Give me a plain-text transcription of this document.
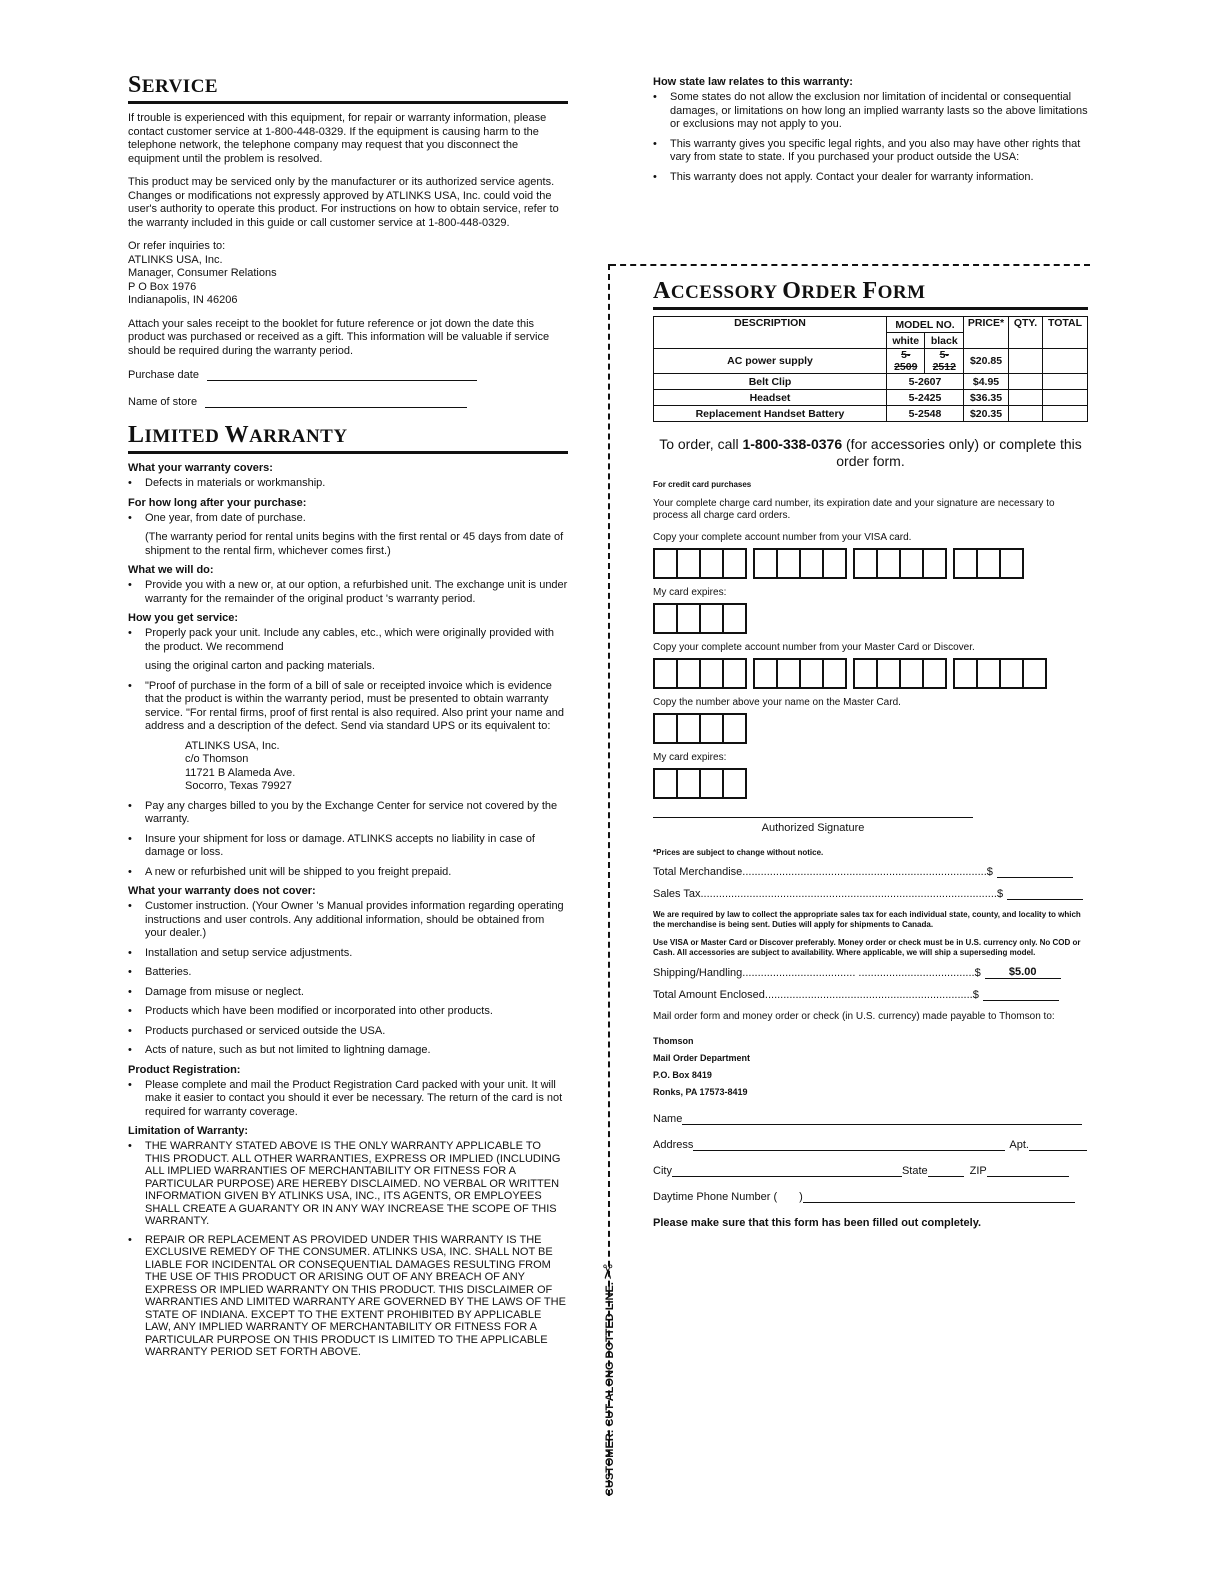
SERVICE

If trouble is experienced with this equipment, for repair or warranty information, please contact customer service at 1-800-448-0329. If the equipment is causing harm to the telephone network, the telephone company may request that you disconnect the equipment until the problem is resolved.

This product may be serviced only by the manufacturer or its authorized service agents. Changes or modifications not expressly approved by ATLINKS USA, Inc. could void the user's authority to operate this product. For instructions on how to obtain service, refer to the warranty included in this guide or call customer service at 1-800-448-0329.

Or refer inquiries to:
ATLINKS USA, Inc.
Manager, Consumer Relations
P O Box 1976
Indianapolis, IN 46206

Attach your sales receipt to the booklet for future reference or jot down the date this product was purchased or received as a gift. This information will be valuable if service should be required during the warranty period.

Purchase date
Name of store
LIMITED WARRANTY
What your warranty covers:
• Defects in materials or workmanship.
For how long after your purchase:
• One year, from date of purchase.
(The warranty period for rental units begins with the first rental or 45 days from date of shipment to the rental firm, whichever comes first.)
What we will do:
• Provide you with a new or, at our option, a refurbished unit. The exchange unit is under warranty for the remainder of the original product 's warranty period.
How you get service:
• Properly pack your unit. Include any cables, etc., which were originally provided with the product. We recommend
using the original carton and packing materials.
• "Proof of purchase in the form of a bill of sale or receipted invoice which is evidence that the product is within the warranty period, must be presented to obtain warranty service. "For rental firms, proof of first rental is also required. Also print your name and address and a description of the defect. Send via standard UPS or its equivalent to:
ATLINKS USA, Inc.
c/o Thomson
11721 B Alameda Ave.
Socorro, Texas 79927
• Pay any charges billed to you by the Exchange Center for service not covered by the warranty.
• Insure your shipment for loss or damage. ATLINKS accepts no liability in case of damage or loss.
• A new or refurbished unit will be shipped to you freight prepaid.
What your warranty does not cover:
• Customer instruction. (Your Owner 's Manual provides information regarding operating instructions and user controls. Any additional information, should be obtained from your dealer.)
• Installation and setup service adjustments.
• Batteries.
• Damage from misuse or neglect.
• Products which have been modified or incorporated into other products.
• Products purchased or serviced outside the USA.
• Acts of nature, such as but not limited to lightning damage.
Product Registration:
• Please complete and mail the Product Registration Card packed with your unit. It will make it easier to contact you should it ever be necessary. The return of the card is not required for warranty coverage.
Limitation of Warranty:
• THE WARRANTY STATED ABOVE IS THE ONLY WARRANTY APPLICABLE TO THIS PRODUCT. ALL OTHER WARRANTIES, EXPRESS OR IMPLIED (INCLUDING ALL IMPLIED WARRANTIES OF MERCHANTABILITY OR FITNESS FOR A PARTICULAR PURPOSE) ARE HEREBY DISCLAIMED. NO VERBAL OR WRITTEN INFORMATION GIVEN BY ATLINKS USA, INC., ITS AGENTS, OR EMPLOYEES SHALL CREATE A GUARANTY OR IN ANY WAY INCREASE THE SCOPE OF THIS WARRANTY.
• REPAIR OR REPLACEMENT AS PROVIDED UNDER THIS WARRANTY IS THE EXCLUSIVE REMEDY OF THE CONSUMER. ATLINKS USA, INC. SHALL NOT BE LIABLE FOR INCIDENTAL OR CONSEQUENTIAL DAMAGES RESULTING FROM THE USE OF THIS PRODUCT OR ARISING OUT OF ANY BREACH OF ANY EXPRESS OR IMPLIED WARRANTY ON THIS PRODUCT. THIS DISCLAIMER OF WARRANTIES AND LIMITED WARRANTY ARE GOVERNED BY THE LAWS OF THE STATE OF INDIANA. EXCEPT TO THE EXTENT PROHIBITED BY APPLICABLE LAW, ANY IMPLIED WARRANTY OF MERCHANTABILITY OR FITNESS FOR A PARTICULAR PURPOSE ON THIS PRODUCT IS LIMITED TO THE APPLICABLE WARRANTY PERIOD SET FORTH ABOVE.
✂
CUSTOMER: CUT ALONG DOTTED LINE.
How state law relates to this warranty:
• Some states do not allow the exclusion nor limitation of incidental or consequential damages, or limitations on how long an implied warranty lasts so the above limitations or exclusions may not apply to you.
• This warranty gives you specific legal rights, and you also may have other rights that vary from state to state. If you purchased your product outside the USA:
• This warranty does not apply. Contact your dealer for warranty information.
ACCESSORY ORDER FORM
DESCRIPTION	MODEL NO.		PRICE*	QTY.	TOTAL
	white	black			
AC power supply	5-2509	5-2512	$20.85		
Belt Clip	5-2607		$4.95		
Headset	5-2425		$36.35		
Replacement Handset Battery	5-2548		$20.35		
To order, call 1-800-338-0376 (for accessories only) or complete this order form.
For credit card purchases

Your complete charge card number, its expiration date and your signature are necessary to process all charge card orders.

Copy your complete account number from your VISA card.
My card expires:
Copy your complete account number from your Master Card or Discover.
Copy the number above your name on the Master Card.
My card expires:
Authorized Signature
*Prices are subject to change without notice.
Total Merchandise ................................................................................$
Sales Tax .................................................................................................$
We are required by law to collect the appropriate sales tax for each individual state, county, and locality to which the merchandise is being sent. Duties will apply for shipments to Canada.
Use VISA or Master Card or Discover preferably. Money order or check must be in U.S. currency only. No COD or Cash. All accessories are subject to availability. Where applicable, we will ship a superseding model.
Shipping/Handling ..................................... ......................................$	$5.00
Total Amount Enclosed ....................................................................$

Mail order form and money order or check (in U.S. currency) made payable to Thomson to:

Thomson
Mail Order Department
P.O. Box 8419
Ronks, PA 17573-8419

Name
Address	Apt.
City	State	ZIP
Daytime Phone Number ( )
Please make sure that this form has been filled out completely.
